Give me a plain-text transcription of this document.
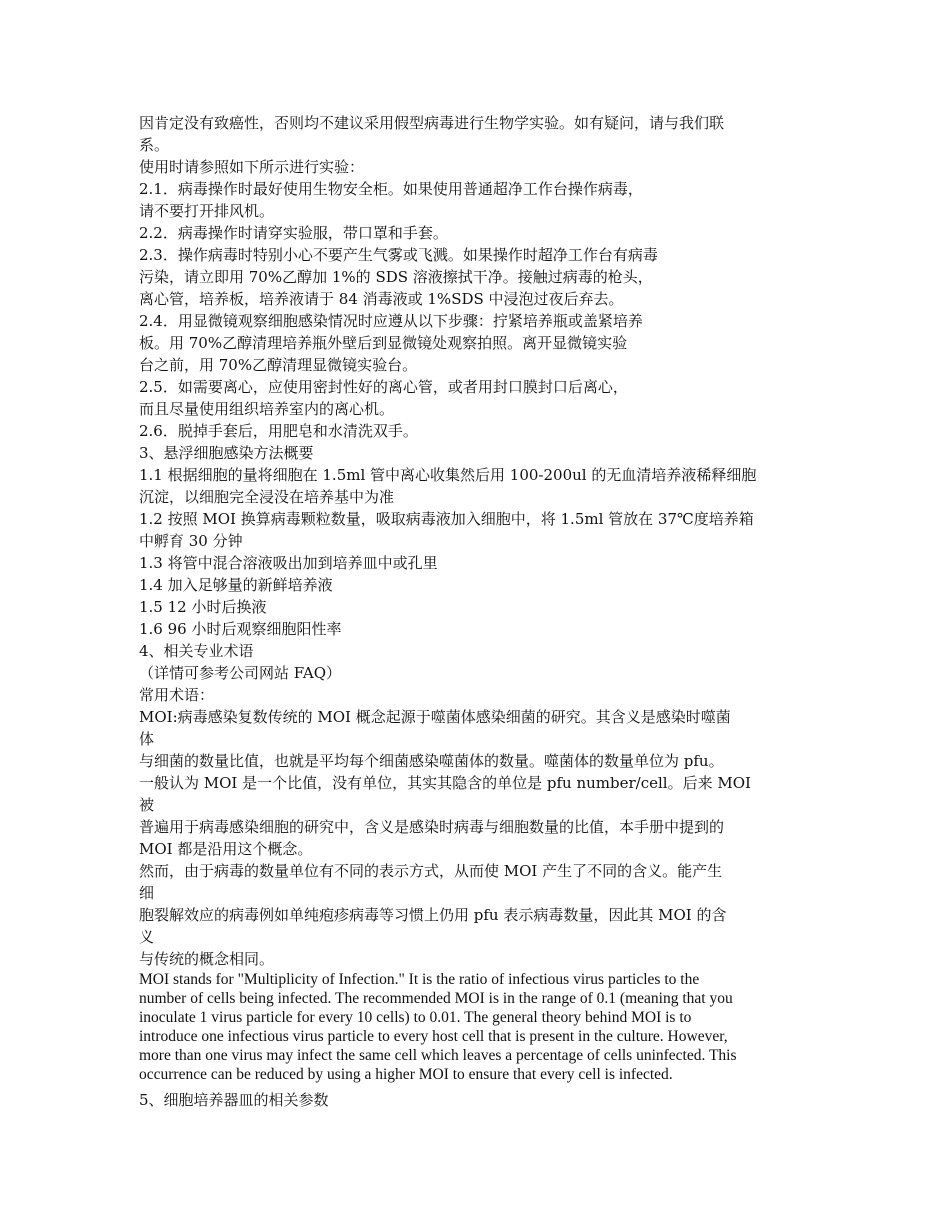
因肯定没有致癌性，否则均不建议采用假型病毒进行生物学实验。如有疑问，请与我们联
系。
使用时请参照如下所示进行实验：
2.1．病毒操作时最好使用生物安全柜。如果使用普通超净工作台操作病毒，
请不要打开排风机。
2.2．病毒操作时请穿实验服，带口罩和手套。
2.3．操作病毒时特别小心不要产生气雾或飞溅。如果操作时超净工作台有病毒
污染，请立即用 70%乙醇加 1%的 SDS 溶液擦拭干净。接触过病毒的枪头，
离心管，培养板，培养液请于 84 消毒液或 1%SDS 中浸泡过夜后弃去。
2.4．用显微镜观察细胞感染情况时应遵从以下步骤：拧紧培养瓶或盖紧培养
板。用 70%乙醇清理培养瓶外壁后到显微镜处观察拍照。离开显微镜实验
台之前，用 70%乙醇清理显微镜实验台。
2.5．如需要离心，应使用密封性好的离心管，或者用封口膜封口后离心，
而且尽量使用组织培养室内的离心机。
2.6．脱掉手套后，用肥皂和水清洗双手。
3、悬浮细胞感染方法概要
1.1 根据细胞的量将细胞在 1.5ml 管中离心收集然后用 100-200ul 的无血清培养液稀释细胞
沉淀，以细胞完全浸没在培养基中为准
1.2 按照 MOI 换算病毒颗粒数量，吸取病毒液加入细胞中，将 1.5ml 管放在 37℃度培养箱
中孵育 30 分钟
1.3 将管中混合溶液吸出加到培养皿中或孔里
1.4 加入足够量的新鲜培养液
1.5 12 小时后换液
1.6 96 小时后观察细胞阳性率
4、相关专业术语
（详情可参考公司网站 FAQ）
常用术语：
MOI:病毒感染复数传统的 MOI 概念起源于噬菌体感染细菌的研究。其含义是感染时噬菌
体
与细菌的数量比值，也就是平均每个细菌感染噬菌体的数量。噬菌体的数量单位为 pfu。
一般认为 MOI 是一个比值，没有单位，其实其隐含的单位是 pfu number/cell。后来 MOI
被
普遍用于病毒感染细胞的研究中，含义是感染时病毒与细胞数量的比值，本手册中提到的
MOI 都是沿用这个概念。
然而，由于病毒的数量单位有不同的表示方式，从而使 MOI 产生了不同的含义。能产生
细
胞裂解效应的病毒例如单纯疱疹病毒等习惯上仍用 pfu 表示病毒数量，因此其 MOI 的含
义
与传统的概念相同。
MOI stands for "Multiplicity of Infection." It is the ratio of infectious virus particles to the
number of cells being infected. The recommended MOI is in the range of 0.1 (meaning that you
inoculate 1 virus particle for every 10 cells) to 0.01. The general theory behind MOI is to
introduce one infectious virus particle to every host cell that is present in the culture. However,
more than one virus may infect the same cell which leaves a percentage of cells uninfected. This
occurrence can be reduced by using a higher MOI to ensure that every cell is infected.
5、细胞培养器皿的相关参数
